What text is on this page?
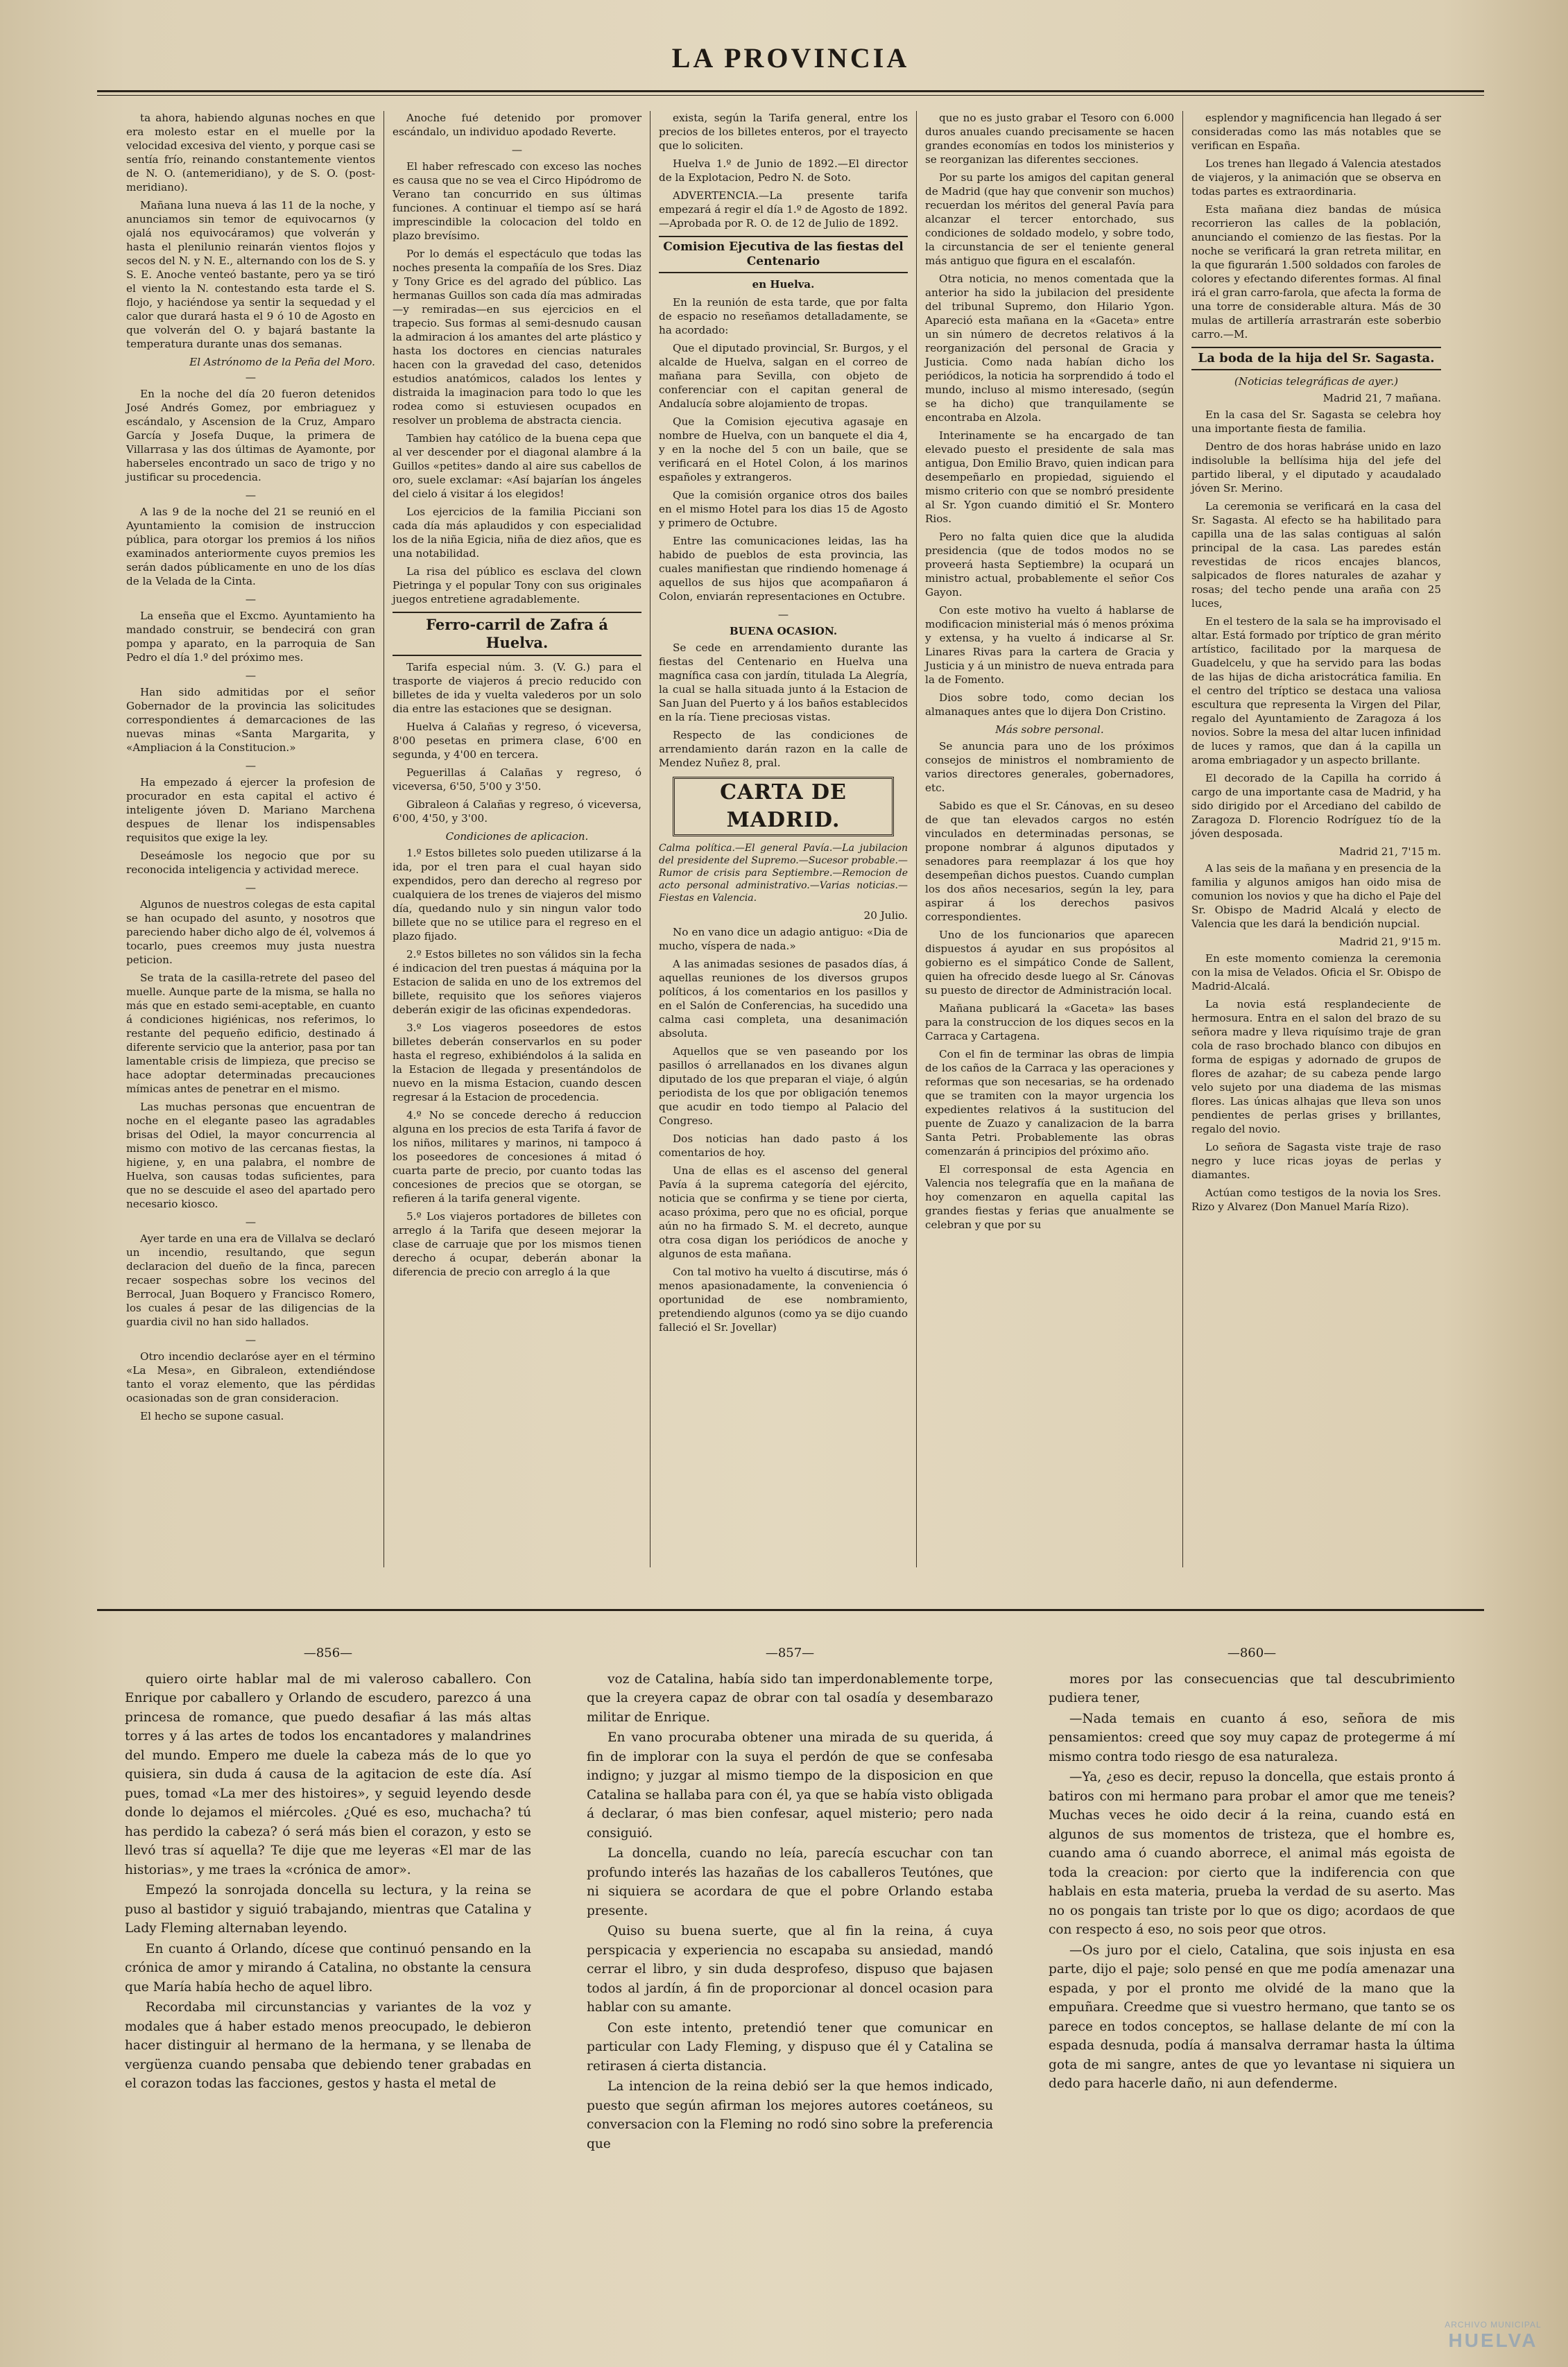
LA PROVINCIA

ta ahora, habiendo algunas noches en que era molesto estar en el muelle por la velocidad excesiva del viento, y porque casi se sentía frío, reinando constantemente vientos de N. O. (antemeridiano), y de S. O. (post-meridiano).

Mañana luna nueva á las 11 de la noche, y anunciamos sin temor de equivocarnos (y ojalá nos equivocáramos) que volverán y hasta el plenilunio reinarán vientos flojos y secos del N. y N. E., alternando con los de S. y S. E. Anoche venteó bastante, pero ya se tiró el viento la N. contestando esta tarde el S. flojo, y haciéndose ya sentir la sequedad y el calor que durará hasta el 9 ó 10 de Agosto en que volverán del O. y bajará bastante la temperatura durante unas dos semanas.

El Astrónomo de la Peña del Moro.
—

En la noche del día 20 fueron detenidos José Andrés Gomez, por embriaguez y escándalo, y Ascension de la Cruz, Amparo García y Josefa Duque, la primera de Villarrasa y las dos últimas de Ayamonte, por haberseles encontrado un saco de trigo y no justificar su procedencia.

—

A las 9 de la noche del 21 se reunió en el Ayuntamiento la comision de instruccion pública, para otorgar los premios á los niños examinados anteriormente cuyos premios les serán dados públicamente en uno de los días de la Velada de la Cinta.

—

La enseña que el Excmo. Ayuntamiento ha mandado construir, se bendecirá con gran pompa y aparato, en la parroquia de San Pedro el día 1.º del próximo mes.

—

Han sido admitidas por el señor Gobernador de la provincia las solicitudes correspondientes á demarcaciones de las nuevas minas «Santa Margarita, y «Ampliacion á la Constitucion.»

—

Ha empezado á ejercer la profesion de procurador en esta capital el activo é inteligente jóven D. Mariano Marchena despues de llenar los indispensables requisitos que exige la ley.

Deseámosle los negocio que por su reconocida inteligencia y actividad merece.

—

Algunos de nuestros colegas de esta capital se han ocupado del asunto, y nosotros que pareciendo haber dicho algo de él, volvemos á tocarlo, pues creemos muy justa nuestra peticion.

Se trata de la casilla-retrete del paseo del muelle. Aunque parte de la misma, se halla no más que en estado semi-aceptable, en cuanto á condiciones higiénicas, nos referimos, lo restante del pequeño edificio, destinado á diferente servicio que la anterior, pasa por tan lamentable crisis de limpieza, que preciso se hace adoptar determinadas precauciones mímicas antes de penetrar en el mismo.

Las muchas personas que encuentran de noche en el elegante paseo las agradables brisas del Odiel, la mayor concurrencia al mismo con motivo de las cercanas fiestas, la higiene, y, en una palabra, el nombre de Huelva, son causas todas suficientes, para que no se descuide el aseo del apartado pero necesario kiosco.

—

Ayer tarde en una era de Villalva se declaró un incendio, resultando, que segun declaracion del dueño de la finca, parecen recaer sospechas sobre los vecinos del Berrocal, Juan Boquero y Francisco Romero, los cuales á pesar de las diligencias de la guardia civil no han sido hallados.

—

Otro incendio declaróse ayer en el término «La Mesa», en Gibraleon, extendiéndose tanto el voraz elemento, que las pérdidas ocasionadas son de gran consideracion.

El hecho se supone casual.

Anoche fué detenido por promover escándalo, un individuo apodado Reverte.

—

El haber refrescado con exceso las noches es causa que no se vea el Circo Hipódromo de Verano tan concurrido en sus últimas funciones. A continuar el tiempo así se hará imprescindible la colocacion del toldo en plazo brevísimo.

Por lo demás el espectáculo que todas las noches presenta la compañía de los Sres. Diaz y Tony Grice es del agrado del público. Las hermanas Guillos son cada día mas admiradas—y remiradas—en sus ejercicios en el trapecio. Sus formas al semi-desnudo causan la admiracion á los amantes del arte plástico y hasta los doctores en ciencias naturales hacen con la gravedad del caso, detenidos estudios anatómicos, calados los lentes y distraida la imaginacion para todo lo que les rodea como si estuviesen ocupados en resolver un problema de abstracta ciencia.

Tambien hay católico de la buena cepa que al ver descender por el diagonal alambre á la Guillos «petites» dando al aire sus cabellos de oro, suele exclamar: «Así bajarían los ángeles del cielo á visitar á los elegidos!

Los ejercicios de la familia Picciani son cada día más aplaudidos y con especialidad los de la niña Egicia, niña de diez años, que es una notabilidad.

La risa del público es esclava del clown Pietringa y el popular Tony con sus originales juegos entretiene agradablemente.

Ferro-carril de Zafra á Huelva.

Tarifa especial núm. 3. (V. G.) para el trasporte de viajeros á precio reducido con billetes de ida y vuelta valederos por un solo dia entre las estaciones que se designan.

Huelva á Calañas y regreso, ó viceversa, 8'00 pesetas en primera clase, 6'00 en segunda, y 4'00 en tercera.

Peguerillas á Calañas y regreso, ó viceversa, 6'50, 5'00 y 3'50.

Gibraleon á Calañas y regreso, ó viceversa, 6'00, 4'50, y 3'00.

Condiciones de aplicacion.

1.º Estos billetes solo pueden utilizarse á la ida, por el tren para el cual hayan sido expendidos, pero dan derecho al regreso por cualquiera de los trenes de viajeros del mismo día, quedando nulo y sin ningun valor todo billete que no se utilice para el regreso en el plazo fijado.

2.º Estos billetes no son válidos sin la fecha é indicacion del tren puestas á máquina por la Estacion de salida en uno de los extremos del billete, requisito que los señores viajeros deberán exigir de las oficinas expendedoras.

3.º Los viageros poseedores de estos billetes deberán conservarlos en su poder hasta el regreso, exhibiéndolos á la salida en la Estacion de llegada y presentándolos de nuevo en la misma Estacion, cuando descen regresar á la Estacion de procedencia.

4.º No se concede derecho á reduccion alguna en los precios de esta Tarifa á favor de los niños, militares y marinos, ni tampoco á los poseedores de concesiones á mitad ó cuarta parte de precio, por cuanto todas las concesiones de precios que se otorgan, se refieren á la tarifa general vigente.

5.º Los viajeros portadores de billetes con arreglo á la Tarifa que deseen mejorar la clase de carruaje que por los mismos tienen derecho á ocupar, deberán abonar la diferencia de precio con arreglo á la que

exista, según la Tarifa general, entre los precios de los billetes enteros, por el trayecto que lo soliciten.

Huelva 1.º de Junio de 1892.—El director de la Explotacion, Pedro N. de Soto.

ADVERTENCIA.—La presente tarifa empezará á regir el día 1.º de Agosto de 1892.—Aprobada por R. O. de 12 de Julio de 1892.

Comision Ejecutiva de las fiestas del Centenario
en Huelva.

En la reunión de esta tarde, que por falta de espacio no reseñamos detalladamente, se ha acordado:

Que el diputado provincial, Sr. Burgos, y el alcalde de Huelva, salgan en el correo de mañana para Sevilla, con objeto de conferenciar con el capitan general de Andalucía sobre alojamiento de tropas.

Que la Comision ejecutiva agasaje en nombre de Huelva, con un banquete el dia 4, y en la noche del 5 con un baile, que se verificará en el Hotel Colon, á los marinos españoles y extrangeros.

Que la comisión organice otros dos bailes en el mismo Hotel para los dias 15 de Agosto y primero de Octubre.

Entre las comunicaciones leidas, las ha habido de pueblos de esta provincia, las cuales manifiestan que rindiendo homenage á aquellos de sus hijos que acompañaron á Colon, enviarán representaciones en Octubre.

—
BUENA OCASION.

Se cede en arrendamiento durante las fiestas del Centenario en Huelva una magnífica casa con jardín, titulada La Alegría, la cual se halla situada junto á la Estacion de San Juan del Puerto y á los baños establecidos en la ría. Tiene preciosas vistas.

Respecto de las condiciones de arrendamiento darán razon en la calle de Mendez Nuñez 8, pral.

CARTA DE MADRID.
Calma política.—El general Pavía.—La jubilacion del presidente del Supremo.—Sucesor probable.—Rumor de crisis para Septiembre.—Remocion de acto personal administrativo.—Varias noticias.—Fiestas en Valencia.
20 Julio.

No en vano dice un adagio antiguo: «Dia de mucho, víspera de nada.»

A las animadas sesiones de pasados días, á aquellas reuniones de los diversos grupos políticos, á los comentarios en los pasillos y en el Salón de Conferencias, ha sucedido una calma casi completa, una desanimación absoluta.

Aquellos que se ven paseando por los pasillos ó arrellanados en los divanes algun diputado de los que preparan el viaje, ó algún periodista de los que por obligación tenemos que acudir en todo tiempo al Palacio del Congreso.

Dos noticias han dado pasto á los comentarios de hoy.

Una de ellas es el ascenso del general Pavía á la suprema categoría del ejército, noticia que se confirma y se tiene por cierta, acaso próxima, pero que no es oficial, porque aún no ha firmado S. M. el decreto, aunque otra cosa digan los periódicos de anoche y algunos de esta mañana.

Con tal motivo ha vuelto á discutirse, más ó menos apasionadamente, la conveniencia ó oportunidad de ese nombramiento, pretendiendo algunos (como ya se dijo cuando falleció el Sr. Jovellar)

que no es justo grabar el Tesoro con 6.000 duros anuales cuando precisamente se hacen grandes economías en todos los ministerios y se reorganizan las diferentes secciones.

Por su parte los amigos del capitan general de Madrid (que hay que convenir son muchos) recuerdan los méritos del general Pavía para alcanzar el tercer entorchado, sus condiciones de soldado modelo, y sobre todo, la circunstancia de ser el teniente general más antiguo que figura en el escalafón.

Otra noticia, no menos comentada que la anterior ha sido la jubilacion del presidente del tribunal Supremo, don Hilario Ygon. Apareció esta mañana en la «Gaceta» entre un sin número de decretos relativos á la reorganización del personal de Gracia y Justicia. Como nada habían dicho los periódicos, la noticia ha sorprendido á todo el mundo, incluso al mismo interesado, (según se ha dicho) que tranquilamente se encontraba en Alzola.

Interinamente se ha encargado de tan elevado puesto el presidente de sala mas antigua, Don Emilio Bravo, quien indican para desempeñarlo en propiedad, siguiendo el mismo criterio con que se nombró presidente al Sr. Ygon cuando dimitió el Sr. Montero Rios.

Pero no falta quien dice que la aludida presidencia (que de todos modos no se proveerá hasta Septiembre) la ocupará un ministro actual, probablemente el señor Cos Gayon.

Con este motivo ha vuelto á hablarse de modificacion ministerial más ó menos próxima y extensa, y ha vuelto á indicarse al Sr. Linares Rivas para la cartera de Gracia y Justicia y á un ministro de nueva entrada para la de Fomento.

Dios sobre todo, como decian los almanaques antes que lo dijera Don Cristino.

Más sobre personal.

Se anuncia para uno de los próximos consejos de ministros el nombramiento de varios directores generales, gobernadores, etc.

Sabido es que el Sr. Cánovas, en su deseo de que tan elevados cargos no estén vinculados en determinadas personas, se propone nombrar á algunos diputados y senadores para reemplazar á los que hoy desempeñan dichos puestos. Cuando cumplan los dos años necesarios, según la ley, para aspirar á los derechos pasivos correspondientes.

Uno de los funcionarios que aparecen dispuestos á ayudar en sus propósitos al gobierno es el simpático Conde de Sallent, quien ha ofrecido desde luego al Sr. Cánovas su puesto de director de Administración local.

Mañana publicará la «Gaceta» las bases para la construccion de los diques secos en la Carraca y Cartagena.

Con el fin de terminar las obras de limpia de los caños de la Carraca y las operaciones y reformas que son necesarias, se ha ordenado que se tramiten con la mayor urgencia los expedientes relativos á la sustitucion del puente de Zuazo y canalizacion de la barra Santa Petri. Probablemente las obras comenzarán á principios del próximo año.

El corresponsal de esta Agencia en Valencia nos telegrafía que en la mañana de hoy comenzaron en aquella capital las grandes fiestas y ferias que anualmente se celebran y que por su

esplendor y magnificencia han llegado á ser consideradas como las más notables que se verifican en España.

Los trenes han llegado á Valencia atestados de viajeros, y la animación que se observa en todas partes es extraordinaria.

Esta mañana diez bandas de música recorrieron las calles de la población, anunciando el comienzo de las fiestas. Por la noche se verificará la gran retreta militar, en la que figurarán 1.500 soldados con faroles de colores y efectando diferentes formas. Al final irá el gran carro-farola, que afecta la forma de una torre de considerable altura. Más de 30 mulas de artillería arrastrarán este soberbio carro.—M.

La boda de la hija del Sr. Sagasta.
(Noticias telegráficas de ayer.)
Madrid 21, 7 mañana.

En la casa del Sr. Sagasta se celebra hoy una importante fiesta de familia.

Dentro de dos horas habráse unido en lazo indisoluble la bellísima hija del jefe del partido liberal, y el diputado y acaudalado jóven Sr. Merino.

La ceremonia se verificará en la casa del Sr. Sagasta. Al efecto se ha habilitado para capilla una de las salas contiguas al salón principal de la casa. Las paredes están revestidas de ricos encajes blancos, salpicados de flores naturales de azahar y rosas; del techo pende una araña con 25 luces,

En el testero de la sala se ha improvisado el altar. Está formado por tríptico de gran mérito artístico, facilitado por la marquesa de Guadelcelu, y que ha servido para las bodas de las hijas de dicha aristocrática familia. En el centro del tríptico se destaca una valiosa escultura que representa la Virgen del Pilar, regalo del Ayuntamiento de Zaragoza á los novios. Sobre la mesa del altar lucen infinidad de luces y ramos, que dan á la capilla un aroma embriagador y un aspecto brillante.

El decorado de la Capilla ha corrido á cargo de una importante casa de Madrid, y ha sido dirigido por el Arcediano del cabildo de Zaragoza D. Florencio Rodríguez tío de la jóven desposada.

Madrid 21, 7'15 m.

A las seis de la mañana y en presencia de la familia y algunos amigos han oido misa de comunion los novios y que ha dicho el Paje del Sr. Obispo de Madrid Alcalá y electo de Valencia que les dará la bendición nupcial.

Madrid 21, 9'15 m.

En este momento comienza la ceremonia con la misa de Velados. Oficia el Sr. Obispo de Madrid-Alcalá.

La novia está resplandeciente de hermosura. Entra en el salon del brazo de su señora madre y lleva riquísimo traje de gran cola de raso brochado blanco con dibujos en forma de espigas y adornado de grupos de flores de azahar; de su cabeza pende largo velo sujeto por una diadema de las mismas flores. Las únicas alhajas que lleva son unos pendientes de perlas grises y brillantes, regalo del novio.

Lo señora de Sagasta viste traje de raso negro y luce ricas joyas de perlas y diamantes.

Actúan como testigos de la novia los Sres. Rizo y Alvarez (Don Manuel María Rizo).

—856—

quiero oirte hablar mal de mi valeroso caballero. Con Enrique por caballero y Orlando de escudero, parezco á una princesa de romance, que puedo desafiar á las más altas torres y á las artes de todos los encantadores y malandrines del mundo. Empero me duele la cabeza más de lo que yo quisiera, sin duda á causa de la agitacion de este día. Así pues, tomad «La mer des histoires», y seguid leyendo desde donde lo dejamos el miércoles. ¿Qué es eso, muchacha? tú has perdido la cabeza? ó será más bien el corazon, y esto se llevó tras sí aquella? Te dije que me leyeras «El mar de las historias», y me traes la «crónica de amor».

Empezó la sonrojada doncella su lectura, y la reina se puso al bastidor y siguió trabajando, mientras que Catalina y Lady Fleming alternaban leyendo.

En cuanto á Orlando, dícese que continuó pensando en la crónica de amor y mirando á Catalina, no obstante la censura que María había hecho de aquel libro.

Recordaba mil circunstancias y variantes de la voz y modales que á haber estado menos preocupado, le debieron hacer distinguir al hermano de la hermana, y se llenaba de vergüenza cuando pensaba que debiendo tener grabadas en el corazon todas las facciones, gestos y hasta el metal de

—857—

voz de Catalina, había sido tan imperdonablemente torpe, que la creyera capaz de obrar con tal osadía y desembarazo militar de Enrique.

En vano procuraba obtener una mirada de su querida, á fin de implorar con la suya el perdón de que se confesaba indigno; y juzgar al mismo tiempo de la disposicion en que Catalina se hallaba para con él, ya que se había visto obligada á declarar, ó mas bien confesar, aquel misterio; pero nada consiguió.

La doncella, cuando no leía, parecía escuchar con tan profundo interés las hazañas de los caballeros Teutónes, que ni siquiera se acordara de que el pobre Orlando estaba presente.

Quiso su buena suerte, que al fin la reina, á cuya perspicacia y experiencia no escapaba su ansiedad, mandó cerrar el libro, y sin duda desprofeso, dispuso que bajasen todos al jardín, á fin de proporcionar al doncel ocasion para hablar con su amante.

Con este intento, pretendió tener que comunicar en particular con Lady Fleming, y dispuso que él y Catalina se retirasen á cierta distancia.

La intencion de la reina debió ser la que hemos indicado, puesto que según afirman los mejores autores coetáneos, su conversacion con la Fleming no rodó sino sobre la preferencia que

—860—

mores por las consecuencias que tal descubrimiento pudiera tener,

—Nada temais en cuanto á eso, señora de mis pensamientos: creed que soy muy capaz de protegerme á mí mismo contra todo riesgo de esa naturaleza.

—Ya, ¿eso es decir, repuso la doncella, que estais pronto á batiros con mi hermano para probar el amor que me teneis? Muchas veces he oido decir á la reina, cuando está en algunos de sus momentos de tristeza, que el hombre es, cuando ama ó cuando aborrece, el animal más egoista de toda la creacion: por cierto que la indiferencia con que hablais en esta materia, prueba la verdad de su aserto. Mas no os pongais tan triste por lo que os digo; acordaos de que con respecto á eso, no sois peor que otros.

—Os juro por el cielo, Catalina, que sois injusta en esa parte, dijo el paje; solo pensé en que me podía amenazar una espada, y por el pronto me olvidé de la mano que la empuñara. Creedme que si vuestro hermano, que tanto se os parece en todos conceptos, se hallase delante de mí con la espada desnuda, podía á mansalva derramar hasta la última gota de mi sangre, antes de que yo levantase ni siquiera un dedo para hacerle daño, ni aun defenderme.

ARCHIVO MUNICIPAL
HUELVA
